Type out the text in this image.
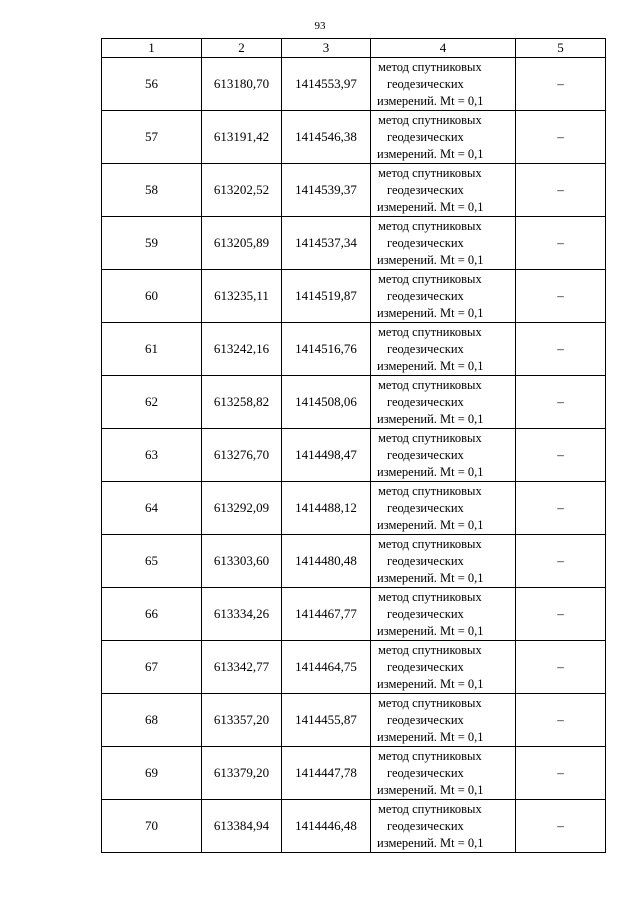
93
1	2	3	4	5
56	613180,70	1414553,97	метод спутниковых
геодезических
измерений. Mt = 0,1	–
57	613191,42	1414546,38	метод спутниковых
геодезических
измерений. Mt = 0,1	–
58	613202,52	1414539,37	метод спутниковых
геодезических
измерений. Mt = 0,1	–
59	613205,89	1414537,34	метод спутниковых
геодезических
измерений. Mt = 0,1	–
60	613235,11	1414519,87	метод спутниковых
геодезических
измерений. Mt = 0,1	–
61	613242,16	1414516,76	метод спутниковых
геодезических
измерений. Mt = 0,1	–
62	613258,82	1414508,06	метод спутниковых
геодезических
измерений. Mt = 0,1	–
63	613276,70	1414498,47	метод спутниковых
геодезических
измерений. Mt = 0,1	–
64	613292,09	1414488,12	метод спутниковых
геодезических
измерений. Mt = 0,1	–
65	613303,60	1414480,48	метод спутниковых
геодезических
измерений. Mt = 0,1	–
66	613334,26	1414467,77	метод спутниковых
геодезических
измерений. Mt = 0,1	–
67	613342,77	1414464,75	метод спутниковых
геодезических
измерений. Mt = 0,1	–
68	613357,20	1414455,87	метод спутниковых
геодезических
измерений. Mt = 0,1	–
69	613379,20	1414447,78	метод спутниковых
геодезических
измерений. Mt = 0,1	–
70	613384,94	1414446,48	метод спутниковых
геодезических
измерений. Mt = 0,1	–
